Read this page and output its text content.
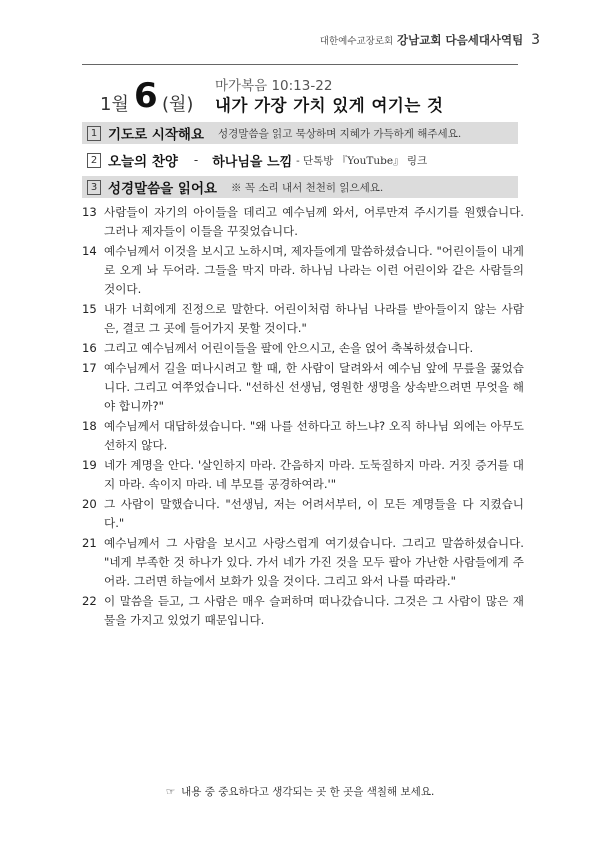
대한예수교장로회 강남교회 다음세대사역팀 3
1월 6 (월)
마가복음 10:13-22
내가 가장 가치 있게 여기는 것
1 기도로 시작해요 성경말씀을 읽고 묵상하며 지혜가 가득하게 해주세요.
2 오늘의 찬양 - 하나님을 느낌 - 단톡방 『YouTube』 링크
3 성경말씀을 읽어요 ※ 꼭 소리 내서 천천히 읽으세요.
13 사람들이 자기의 아이들을 데리고 예수님께 와서, 어루만져 주시기를 원했습니다. 그러나 제자들이 이들을 꾸짖었습니다.
14 예수님께서 이것을 보시고 노하시며, 제자들에게 말씀하셨습니다. "어린이들이 내게로 오게 놔 두어라. 그들을 막지 마라. 하나님 나라는 이런 어린이와 같은 사람들의 것이다.
15 내가 너희에게 진정으로 말한다. 어린이처럼 하나님 나라를 받아들이지 않는 사람은, 결코 그 곳에 들어가지 못할 것이다."
16 그리고 예수님께서 어린이들을 팔에 안으시고, 손을 얹어 축복하셨습니다.
17 예수님께서 길을 떠나시려고 할 때, 한 사람이 달려와서 예수님 앞에 무릎을 꿇었습니다. 그리고 여쭈었습니다. "선하신 선생님, 영원한 생명을 상속받으려면 무엇을 해야 합니까?"
18 예수님께서 대답하셨습니다. "왜 나를 선하다고 하느냐? 오직 하나님 외에는 아무도 선하지 않다.
19 네가 계명을 안다. '살인하지 마라. 간음하지 마라. 도둑질하지 마라. 거짓 증거를 대지 마라. 속이지 마라. 네 부모를 공경하여라.'"
20 그 사람이 말했습니다. "선생님, 저는 어려서부터, 이 모든 계명들을 다 지켰습니다."
21 예수님께서 그 사람을 보시고 사랑스럽게 여기셨습니다. 그리고 말씀하셨습니다. "네게 부족한 것 하나가 있다. 가서 네가 가진 것을 모두 팔아 가난한 사람들에게 주어라. 그러면 하늘에서 보화가 있을 것이다. 그리고 와서 나를 따라라."
22 이 말씀을 듣고, 그 사람은 매우 슬퍼하며 떠나갔습니다. 그것은 그 사람이 많은 재물을 가지고 있었기 때문입니다.
☞ 내용 중 중요하다고 생각되는 곳 한 곳을 색칠해 보세요.
